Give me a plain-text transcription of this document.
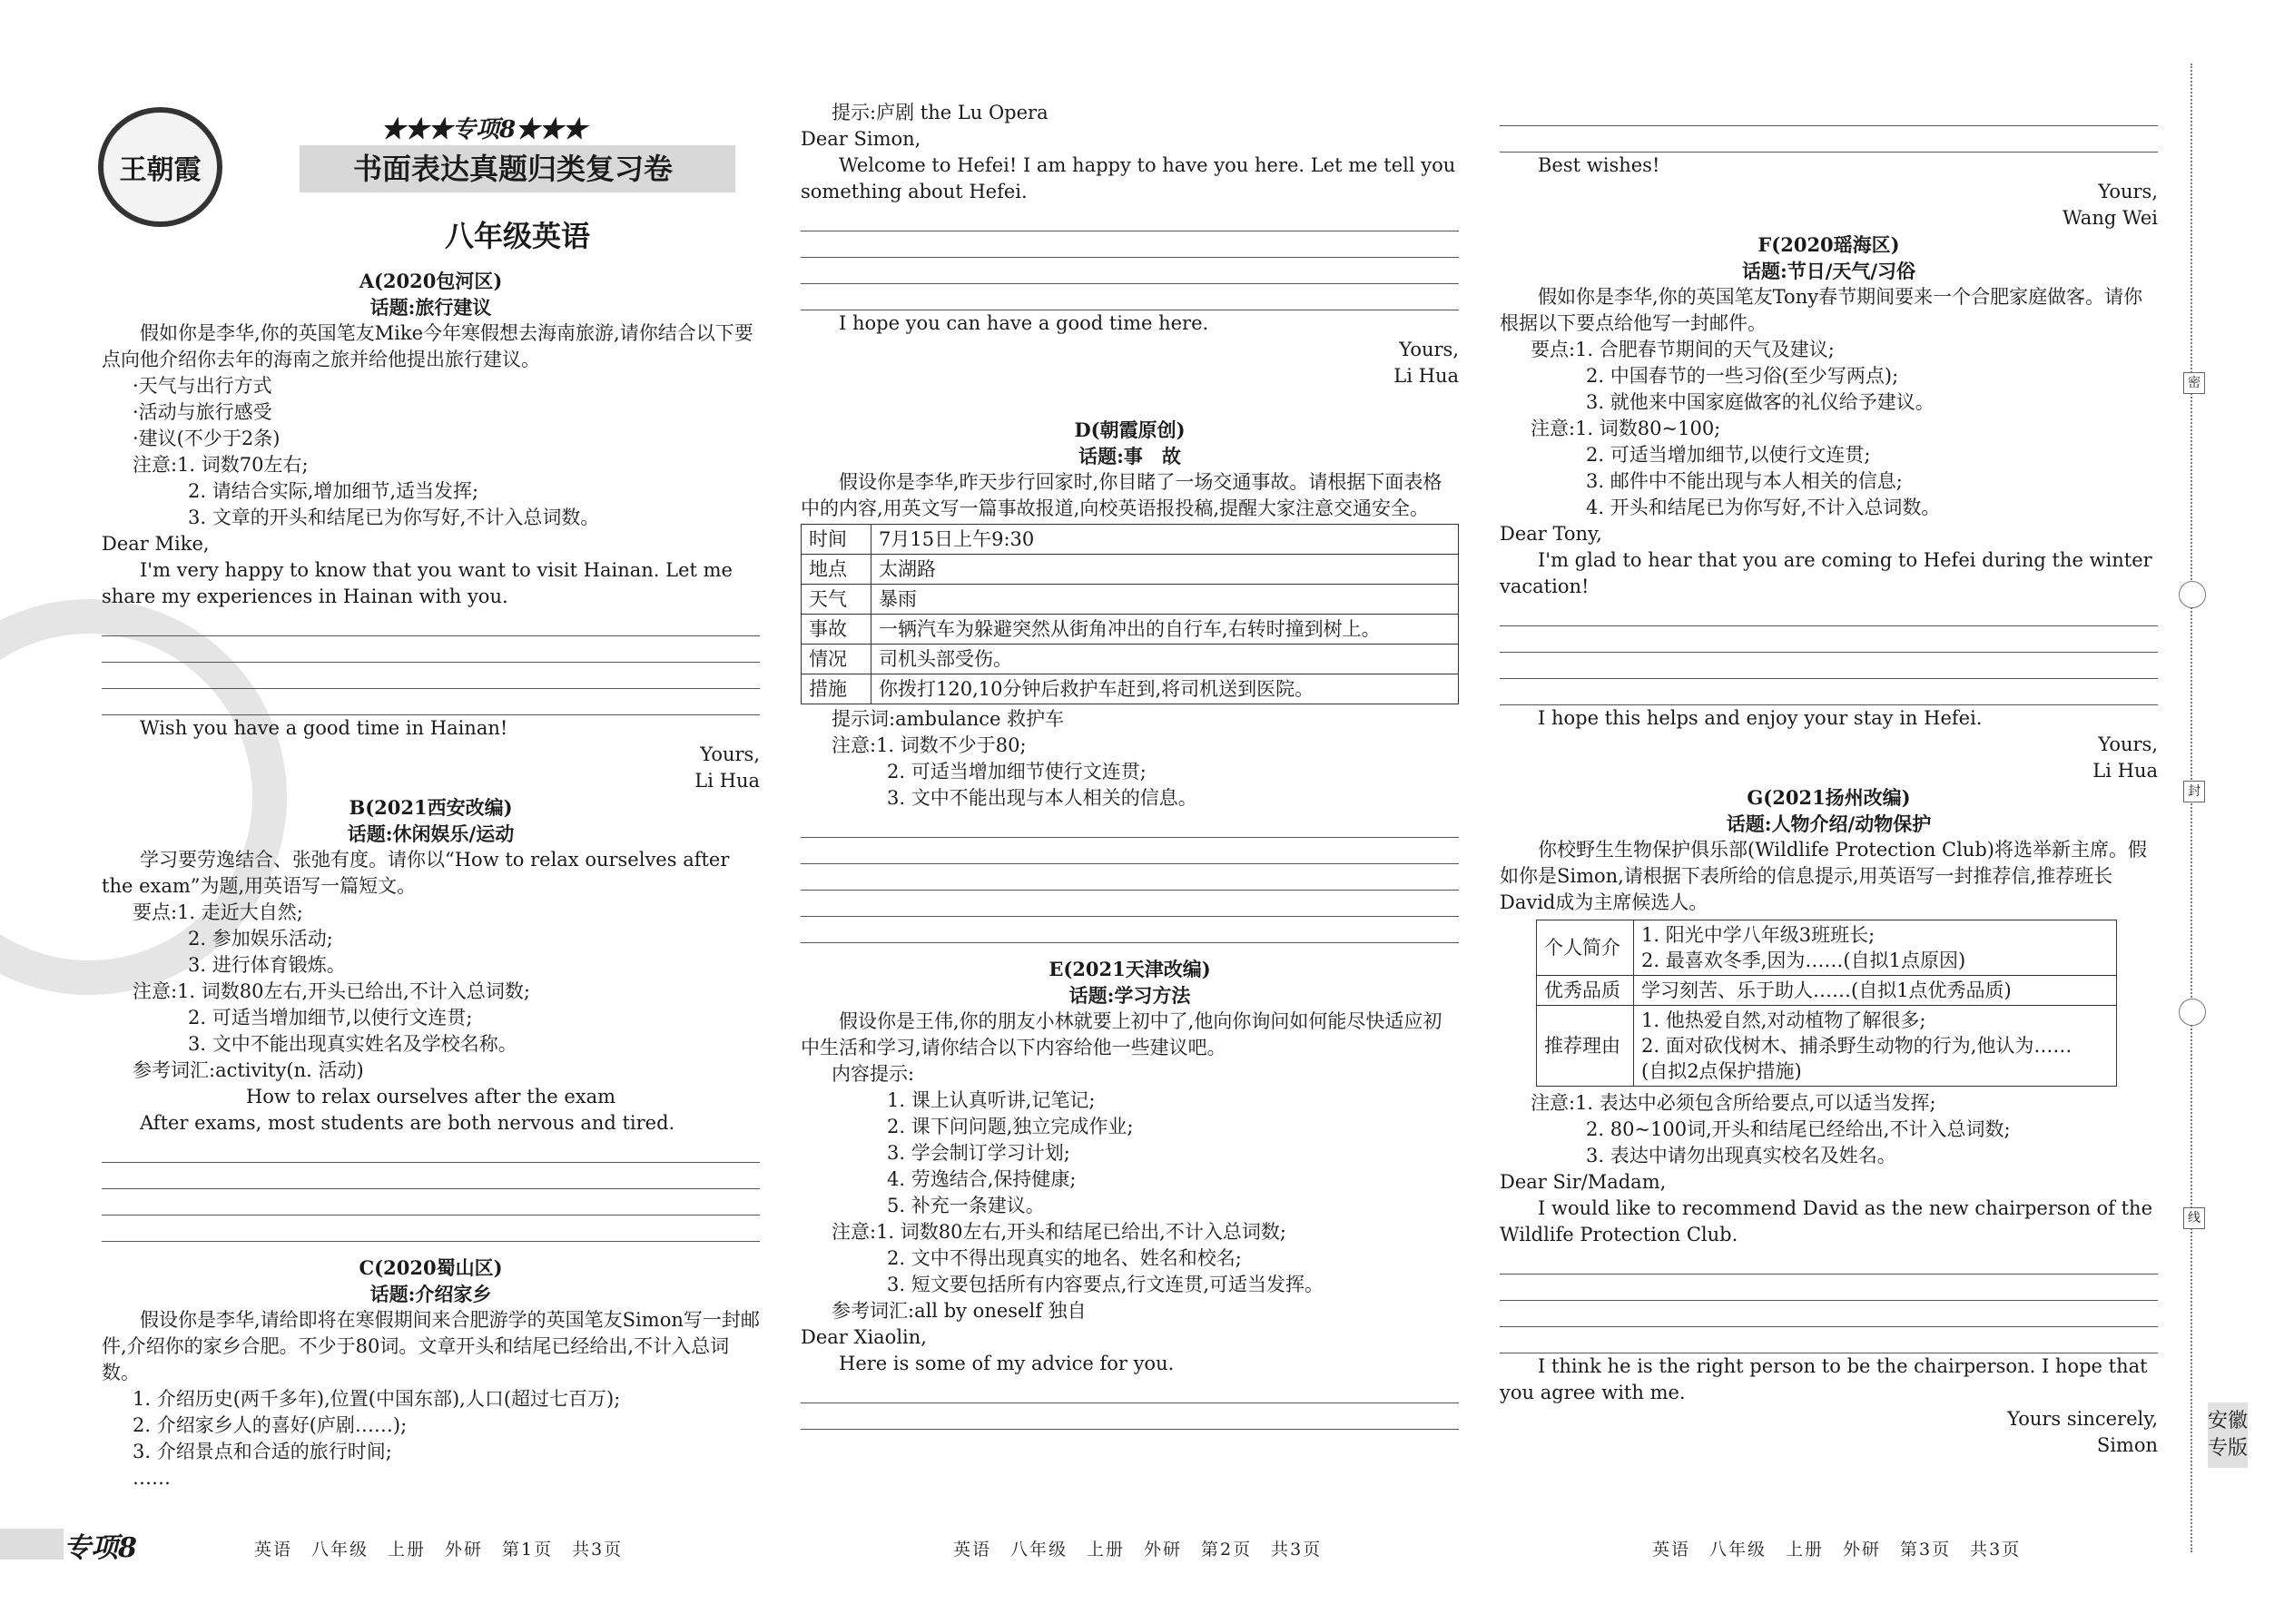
王朝霞
★★★专项8★★★
书面表达真题归类复习卷
八年级英语

A(2020包河区)

话题:旅行建议

假如你是李华,你的英国笔友Mike今年寒假想去海南旅游,请你结合以下要点向他介绍你去年的海南之旅并给他提出旅行建议。

·天气与出行方式

·活动与旅行感受

·建议(不少于2条)

注意:1. 词数70左右;

2. 请结合实际,增加细节,适当发挥;

3. 文章的开头和结尾已为你写好,不计入总词数。

Dear Mike,

I'm very happy to know that you want to visit Hainan. Let me share my experiences in Hainan with you.

Wish you have a good time in Hainan!

Yours,

Li Hua

B(2021西安改编)

话题:休闲娱乐/运动

学习要劳逸结合、张弛有度。请你以“How to relax ourselves after the exam”为题,用英语写一篇短文。

要点:1. 走近大自然;

2. 参加娱乐活动;

3. 进行体育锻炼。

注意:1. 词数80左右,开头已给出,不计入总词数;

2. 可适当增加细节,以使行文连贯;

3. 文中不能出现真实姓名及学校名称。

参考词汇:activity(n. 活动)

How to relax ourselves after the exam

After exams, most students are both nervous and tired.

C(2020蜀山区)

话题:介绍家乡

假设你是李华,请给即将在寒假期间来合肥游学的英国笔友Simon写一封邮件,介绍你的家乡合肥。不少于80词。文章开头和结尾已经给出,不计入总词数。

1. 介绍历史(两千多年),位置(中国东部),人口(超过七百万);

2. 介绍家乡人的喜好(庐剧……);

3. 介绍景点和合适的旅行时间;

……

提示:庐剧 the Lu Opera

Dear Simon,

Welcome to Hefei! I am happy to have you here. Let me tell you something about Hefei.

I hope you can have a good time here.

Yours,

Li Hua

D(朝霞原创)

话题:事　故

假设你是李华,昨天步行回家时,你目睹了一场交通事故。请根据下面表格中的内容,用英文写一篇事故报道,向校英语报投稿,提醒大家注意交通安全。

时间	7月15日上午9:30
地点	太湖路
天气	暴雨
事故	一辆汽车为躲避突然从街角冲出的自行车,右转时撞到树上。
情况	司机头部受伤。
措施	你拨打120,10分钟后救护车赶到,将司机送到医院。

提示词:ambulance 救护车

注意:1. 词数不少于80;

2. 可适当增加细节使行文连贯;

3. 文中不能出现与本人相关的信息。

E(2021天津改编)

话题:学习方法

假设你是王伟,你的朋友小林就要上初中了,他向你询问如何能尽快适应初中生活和学习,请你结合以下内容给他一些建议吧。

内容提示:

1. 课上认真听讲,记笔记;

2. 课下问问题,独立完成作业;

3. 学会制订学习计划;

4. 劳逸结合,保持健康;

5. 补充一条建议。

注意:1. 词数80左右,开头和结尾已给出,不计入总词数;

2. 文中不得出现真实的地名、姓名和校名;

3. 短文要包括所有内容要点,行文连贯,可适当发挥。

参考词汇:all by oneself 独自

Dear Xiaolin,

Here is some of my advice for you.

Best wishes!

Yours,

Wang Wei

F(2020瑶海区)

话题:节日/天气/习俗

假如你是李华,你的英国笔友Tony春节期间要来一个合肥家庭做客。请你根据以下要点给他写一封邮件。

要点:1. 合肥春节期间的天气及建议;

2. 中国春节的一些习俗(至少写两点);

3. 就他来中国家庭做客的礼仪给予建议。

注意:1. 词数80~100;

2. 可适当增加细节,以使行文连贯;

3. 邮件中不能出现与本人相关的信息;

4. 开头和结尾已为你写好,不计入总词数。

Dear Tony,

I'm glad to hear that you are coming to Hefei during the winter vacation!

I hope this helps and enjoy your stay in Hefei.

Yours,

Li Hua

G(2021扬州改编)

话题:人物介绍/动物保护

你校野生生物保护俱乐部(Wildlife Protection Club)将选举新主席。假如你是Simon,请根据下表所给的信息提示,用英语写一封推荐信,推荐班长David成为主席候选人。

个人简介	1. 阳光中学八年级3班班长;
2. 最喜欢冬季,因为……(自拟1点原因)

优秀品质	学习刻苦、乐于助人……(自拟1点优秀品质)

推荐理由	1. 他热爱自然,对动植物了解很多;
2. 面对砍伐树木、捕杀野生动物的行为,他认为……
(自拟2点保护措施)

注意:1. 表达中必须包含所给要点,可以适当发挥;

2. 80~100词,开头和结尾已经给出,不计入总词数;

3. 表达中请勿出现真实校名及姓名。

Dear Sir/Madam,

I would like to recommend David as the new chairperson of the Wildlife Protection Club.

I think he is the right person to be the chairperson. I hope that you agree with me.

Yours sincerely,

Simon

密
封
线
安徽专版
专项8	英语　八年级　上册　外研　第1页　共3页	英语　八年级　上册　外研　第2页　共3页	英语　八年级　上册　外研　第3页　共3页
